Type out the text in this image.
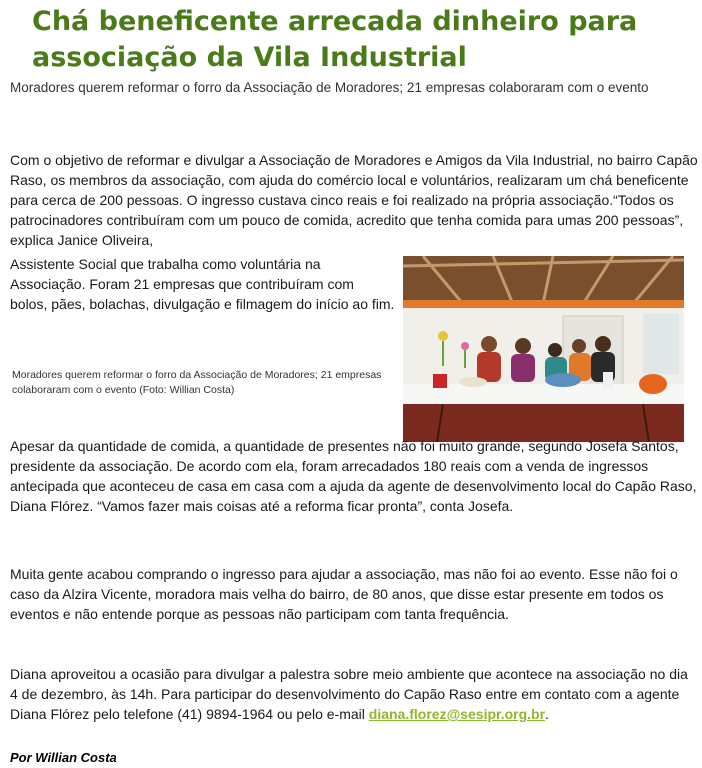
Chá beneficente arrecada dinheiro para associação da Vila Industrial

Moradores querem reformar o forro da Associação de Moradores; 21 empresas colaboraram com o evento

Com o objetivo de reformar e divulgar a Associação de Moradores e Amigos da Vila Industrial, no bairro Capão Raso, os membros da associação, com ajuda do comércio local e voluntários, realizaram um chá beneficente para cerca de 200 pessoas. O ingresso custava cinco reais e foi realizado na própria associação.“Todos os patrocinadores contribuíram com um pouco de comida, acredito que tenha comida para umas 200 pessoas”, explica Janice Oliveira,

Assistente Social que trabalha como voluntária na Associação. Foram 21 empresas que contribuíram com bolos, pães, bolachas, divulgação e filmagem do início ao fim.

Moradores querem reformar o forro da Associação de Moradores; 21 empresas colaboraram com o evento (Foto: Willian Costa)

Apesar da quantidade de comida, a quantidade de presentes não foi muito grande, segundo Josefa Santos, presidente da associação. De acordo com ela, foram arrecadados 180 reais com a venda de ingressos antecipada que aconteceu de casa em casa com a ajuda da agente de desenvolvimento local do Capão Raso, Diana Flórez. “Vamos fazer mais coisas até a reforma ficar pronta”, conta Josefa.

Muita gente acabou comprando o ingresso para ajudar a associação, mas não foi ao evento. Esse não foi o caso da Alzira Vicente, moradora mais velha do bairro, de 80 anos, que disse estar presente em todos os eventos e não entende porque as pessoas não participam com tanta frequência.

Diana aproveitou a ocasião para divulgar a palestra sobre meio ambiente que acontece na associação no dia 4 de dezembro, às 14h. Para participar do desenvolvimento do Capão Raso entre em contato com a agente Diana Flórez pelo telefone (41) 9894-1964 ou pelo e-mail diana.florez@sesipr.org.br.

Por Willian Costa
